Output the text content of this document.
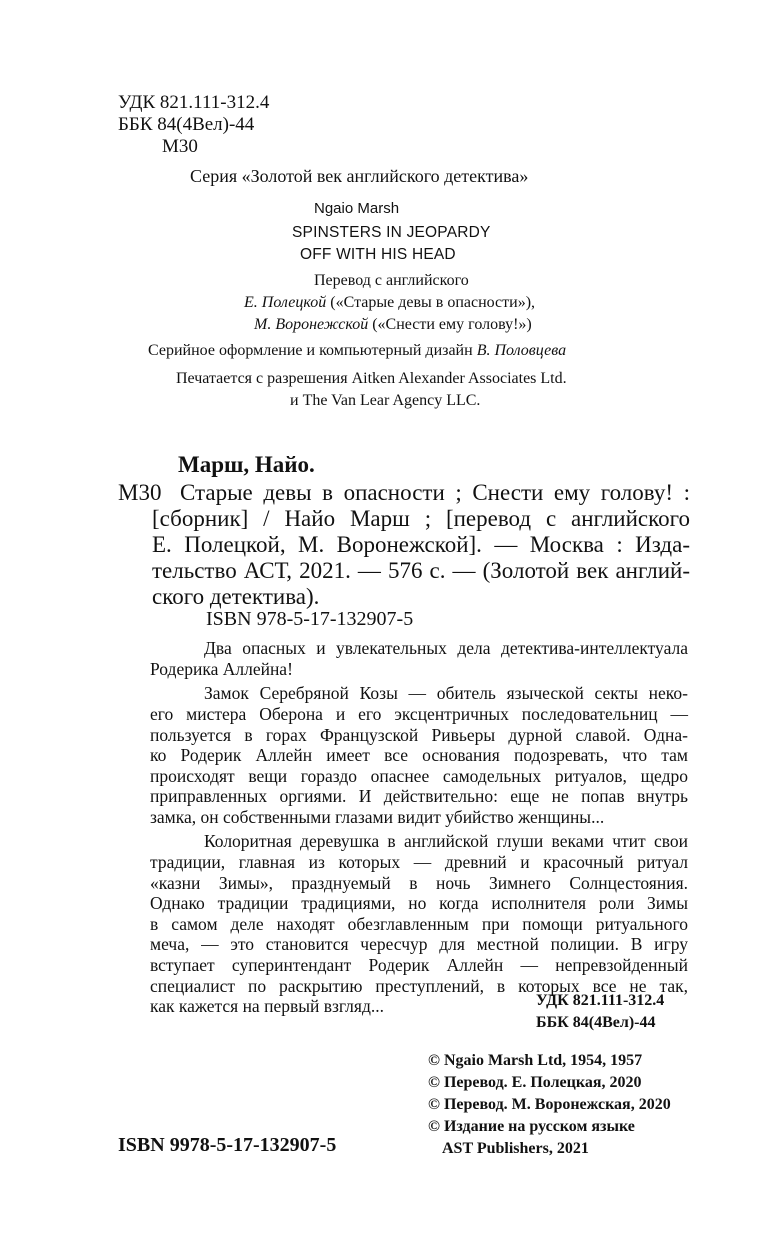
УДК 821.111-312.4

ББК 84(4Вел)-44

М30

Серия «Золотой век английского детектива»

Ngaio Marsh

SPINSTERS IN JEOPARDY

OFF WITH HIS HEAD

Перевод с английского

Е. Полецкой («Старые девы в опасности»),

М. Воронежской («Снести ему голову!»)

Серийное оформление и компьютерный дизайн В. Половцева

Печатается с разрешения Aitken Alexander Associates Ltd.

и The Van Lear Agency LLC.

Марш, Найо.

М30 Старые девы в опасности ; Снести ему голову! :
[сборник] / Найо Марш ; [перевод с английского
Е. Полецкой, М. Воронежской]. — Москва : Изда-
тельство АСТ, 2021. — 576 с. — (Золотой век англий-
ского детектива).

ISBN 978-5-17-132907-5

Два опасных и увлекательных дела детектива-интеллектуала
Родерика Аллейна!
Замок Серебряной Козы — обитель языческой секты неко-
его мистера Оберона и его эксцентричных последовательниц —
пользуется в горах Французской Ривьеры дурной славой. Одна-
ко Родерик Аллейн имеет все основания подозревать, что там
происходят вещи гораздо опаснее самодельных ритуалов, щедро
приправленных оргиями. И действительно: еще не попав внутрь
замка, он собственными глазами видит убийство женщины...
Колоритная деревушка в английской глуши веками чтит свои
традиции, главная из которых — древний и красочный ритуал
«казни Зимы», празднуемый в ночь Зимнего Солнцестояния.
Однако традиции традициями, но когда исполнителя роли Зимы
в самом деле находят обезглавленным при помощи ритуального
меча, — это становится чересчур для местной полиции. В игру
вступает суперинтендант Родерик Аллейн — непревзойденный
специалист по раскрытию преступлений, в которых все не так,
как кажется на первый взгляд...	УДК 821.111-312.4

ББК 84(4Вел)-44

© Ngaio Marsh Ltd, 1954, 1957
© Перевод. Е. Полецкая, 2020
© Перевод. М. Воронежская, 2020
© Издание на русском языке
AST Publishers, 2021

ISBN 9978-5-17-132907-5
